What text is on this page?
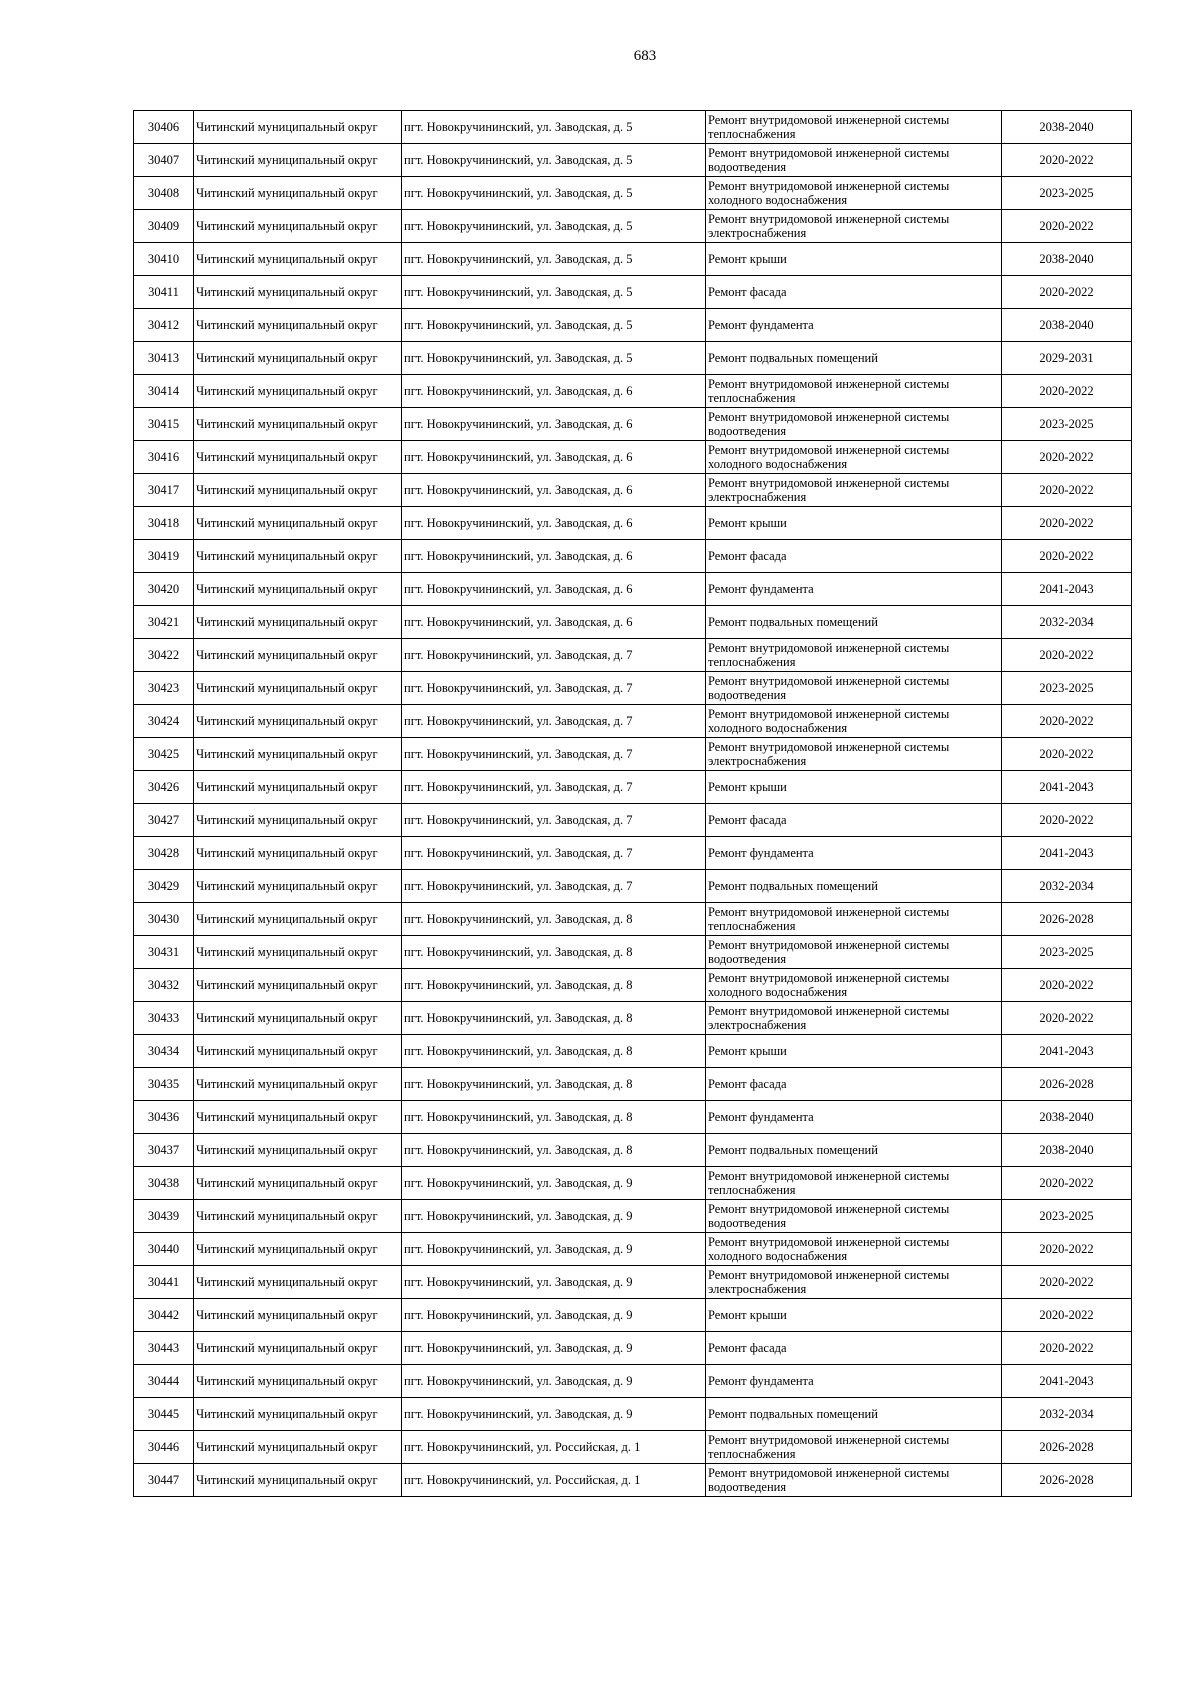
683
30406	Читинский муниципальный округ	пгт. Новокручининский, ул. Заводская, д. 5	Ремонт внутридомовой инженерной системы теплоснабжения	2038-2040
30407	Читинский муниципальный округ	пгт. Новокручининский, ул. Заводская, д. 5	Ремонт внутридомовой инженерной системы водоотведения	2020-2022
30408	Читинский муниципальный округ	пгт. Новокручининский, ул. Заводская, д. 5	Ремонт внутридомовой инженерной системы холодного водоснабжения	2023-2025
30409	Читинский муниципальный округ	пгт. Новокручининский, ул. Заводская, д. 5	Ремонт внутридомовой инженерной системы электроснабжения	2020-2022
30410	Читинский муниципальный округ	пгт. Новокручининский, ул. Заводская, д. 5	Ремонт крыши	2038-2040
30411	Читинский муниципальный округ	пгт. Новокручининский, ул. Заводская, д. 5	Ремонт фасада	2020-2022
30412	Читинский муниципальный округ	пгт. Новокручининский, ул. Заводская, д. 5	Ремонт фундамента	2038-2040
30413	Читинский муниципальный округ	пгт. Новокручининский, ул. Заводская, д. 5	Ремонт подвальных помещений	2029-2031
30414	Читинский муниципальный округ	пгт. Новокручининский, ул. Заводская, д. 6	Ремонт внутридомовой инженерной системы теплоснабжения	2020-2022
30415	Читинский муниципальный округ	пгт. Новокручининский, ул. Заводская, д. 6	Ремонт внутридомовой инженерной системы водоотведения	2023-2025
30416	Читинский муниципальный округ	пгт. Новокручининский, ул. Заводская, д. 6	Ремонт внутридомовой инженерной системы холодного водоснабжения	2020-2022
30417	Читинский муниципальный округ	пгт. Новокручининский, ул. Заводская, д. 6	Ремонт внутридомовой инженерной системы электроснабжения	2020-2022
30418	Читинский муниципальный округ	пгт. Новокручининский, ул. Заводская, д. 6	Ремонт крыши	2020-2022
30419	Читинский муниципальный округ	пгт. Новокручининский, ул. Заводская, д. 6	Ремонт фасада	2020-2022
30420	Читинский муниципальный округ	пгт. Новокручининский, ул. Заводская, д. 6	Ремонт фундамента	2041-2043
30421	Читинский муниципальный округ	пгт. Новокручининский, ул. Заводская, д. 6	Ремонт подвальных помещений	2032-2034
30422	Читинский муниципальный округ	пгт. Новокручининский, ул. Заводская, д. 7	Ремонт внутридомовой инженерной системы теплоснабжения	2020-2022
30423	Читинский муниципальный округ	пгт. Новокручининский, ул. Заводская, д. 7	Ремонт внутридомовой инженерной системы водоотведения	2023-2025
30424	Читинский муниципальный округ	пгт. Новокручининский, ул. Заводская, д. 7	Ремонт внутридомовой инженерной системы холодного водоснабжения	2020-2022
30425	Читинский муниципальный округ	пгт. Новокручининский, ул. Заводская, д. 7	Ремонт внутридомовой инженерной системы электроснабжения	2020-2022
30426	Читинский муниципальный округ	пгт. Новокручининский, ул. Заводская, д. 7	Ремонт крыши	2041-2043
30427	Читинский муниципальный округ	пгт. Новокручининский, ул. Заводская, д. 7	Ремонт фасада	2020-2022
30428	Читинский муниципальный округ	пгт. Новокручининский, ул. Заводская, д. 7	Ремонт фундамента	2041-2043
30429	Читинский муниципальный округ	пгт. Новокручининский, ул. Заводская, д. 7	Ремонт подвальных помещений	2032-2034
30430	Читинский муниципальный округ	пгт. Новокручининский, ул. Заводская, д. 8	Ремонт внутридомовой инженерной системы теплоснабжения	2026-2028
30431	Читинский муниципальный округ	пгт. Новокручининский, ул. Заводская, д. 8	Ремонт внутридомовой инженерной системы водоотведения	2023-2025
30432	Читинский муниципальный округ	пгт. Новокручининский, ул. Заводская, д. 8	Ремонт внутридомовой инженерной системы холодного водоснабжения	2020-2022
30433	Читинский муниципальный округ	пгт. Новокручининский, ул. Заводская, д. 8	Ремонт внутридомовой инженерной системы электроснабжения	2020-2022
30434	Читинский муниципальный округ	пгт. Новокручининский, ул. Заводская, д. 8	Ремонт крыши	2041-2043
30435	Читинский муниципальный округ	пгт. Новокручининский, ул. Заводская, д. 8	Ремонт фасада	2026-2028
30436	Читинский муниципальный округ	пгт. Новокручининский, ул. Заводская, д. 8	Ремонт фундамента	2038-2040
30437	Читинский муниципальный округ	пгт. Новокручининский, ул. Заводская, д. 8	Ремонт подвальных помещений	2038-2040
30438	Читинский муниципальный округ	пгт. Новокручининский, ул. Заводская, д. 9	Ремонт внутридомовой инженерной системы теплоснабжения	2020-2022
30439	Читинский муниципальный округ	пгт. Новокручининский, ул. Заводская, д. 9	Ремонт внутридомовой инженерной системы водоотведения	2023-2025
30440	Читинский муниципальный округ	пгт. Новокручининский, ул. Заводская, д. 9	Ремонт внутридомовой инженерной системы холодного водоснабжения	2020-2022
30441	Читинский муниципальный округ	пгт. Новокручининский, ул. Заводская, д. 9	Ремонт внутридомовой инженерной системы электроснабжения	2020-2022
30442	Читинский муниципальный округ	пгт. Новокручининский, ул. Заводская, д. 9	Ремонт крыши	2020-2022
30443	Читинский муниципальный округ	пгт. Новокручининский, ул. Заводская, д. 9	Ремонт фасада	2020-2022
30444	Читинский муниципальный округ	пгт. Новокручининский, ул. Заводская, д. 9	Ремонт фундамента	2041-2043
30445	Читинский муниципальный округ	пгт. Новокручининский, ул. Заводская, д. 9	Ремонт подвальных помещений	2032-2034
30446	Читинский муниципальный округ	пгт. Новокручининский, ул. Российская, д. 1	Ремонт внутридомовой инженерной системы теплоснабжения	2026-2028
30447	Читинский муниципальный округ	пгт. Новокручининский, ул. Российская, д. 1	Ремонт внутридомовой инженерной системы водоотведения	2026-2028
